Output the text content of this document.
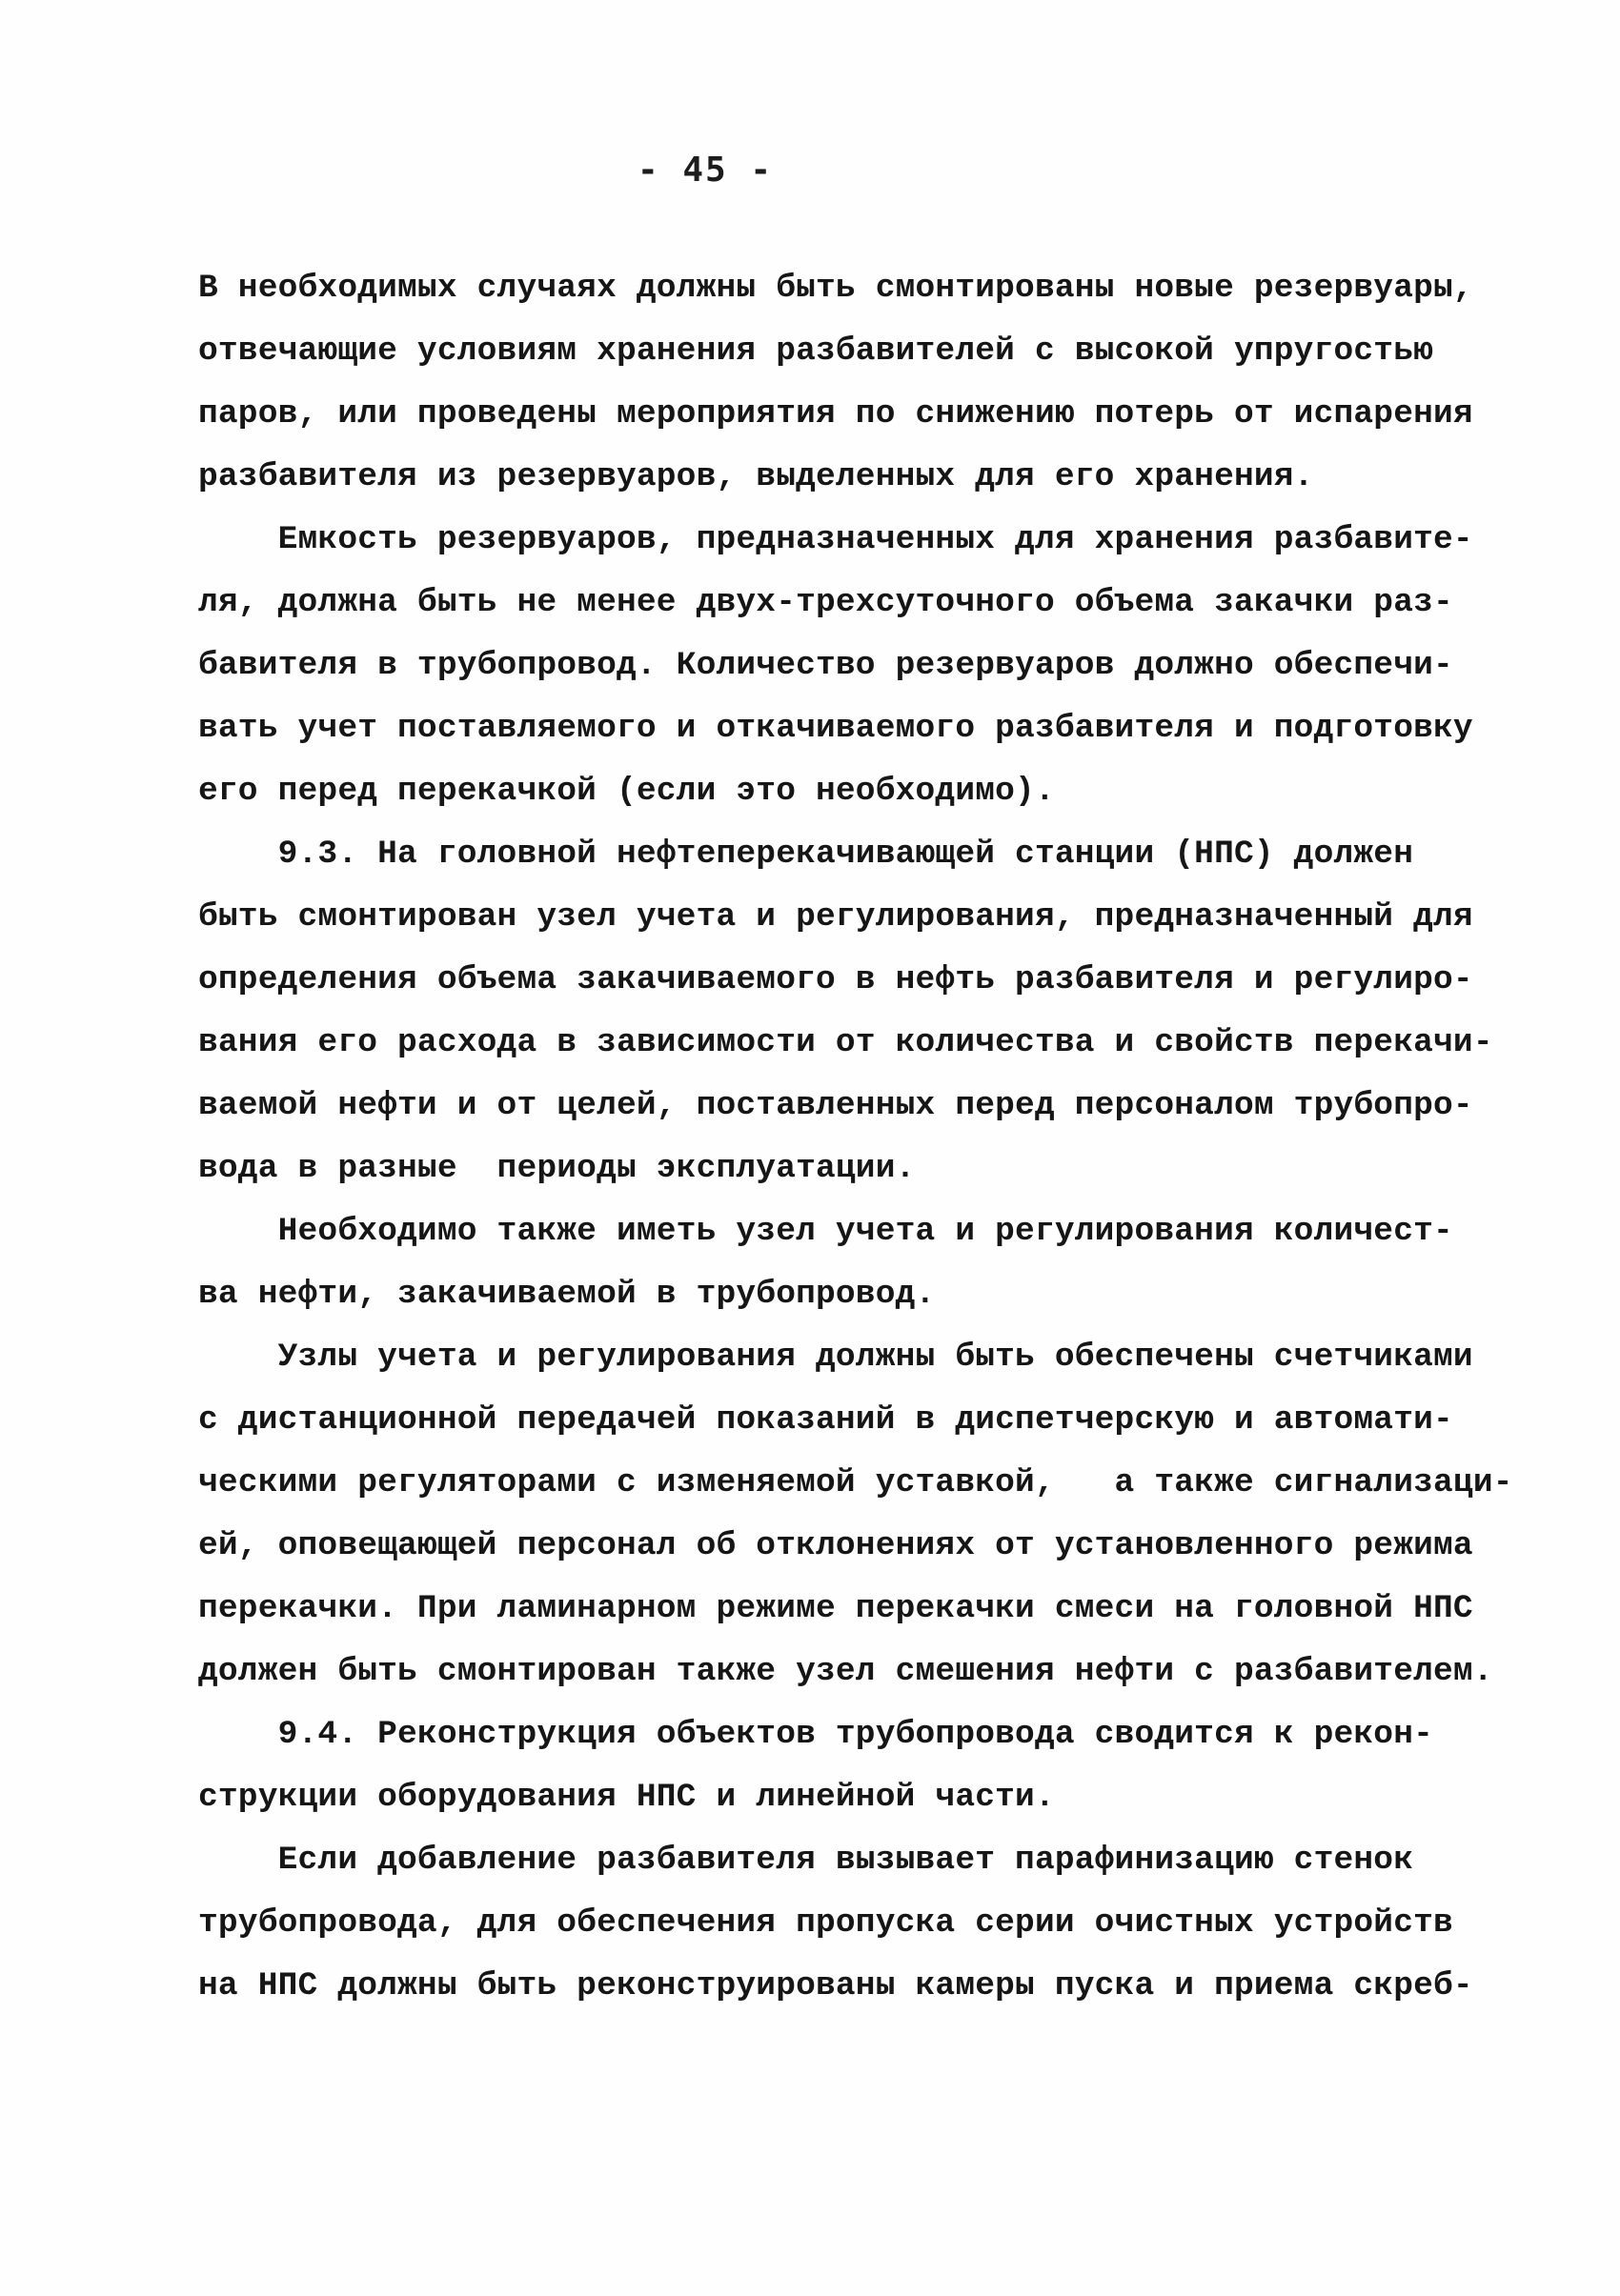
- 45 -
В необходимых случаях должны быть смонтированы новые резервуары,
отвечающие условиям хранения разбавителей с высокой упругостью
паров, или проведены мероприятия по снижению потерь от испарения
разбавителя из резервуаров, выделенных для его хранения.
Емкость резервуаров, предназначенных для хранения разбавите-
ля, должна быть не менее двух-трехсуточного объема закачки раз-
бавителя в трубопровод. Количество резервуаров должно обеспечи-
вать учет поставляемого и откачиваемого разбавителя и подготовку
его перед перекачкой (если это необходимо).
9.3. На головной нефтеперекачивающей станции (НПС) должен
быть смонтирован узел учета и регулирования, предназначенный для
определения объема закачиваемого в нефть разбавителя и регулиро-
вания его расхода в зависимости от количества и свойств перекачи-
ваемой нефти и от целей, поставленных перед персоналом трубопро-
вода в разные  периоды эксплуатации.
Необходимо также иметь узел учета и регулирования количест-
ва нефти, закачиваемой в трубопровод.
Узлы учета и регулирования должны быть обеспечены счетчиками
с дистанционной передачей показаний в диспетчерскую и автомати-
ческими регуляторами с изменяемой уставкой,   а также сигнализаци-
ей, оповещающей персонал об отклонениях от установленного режима
перекачки. При ламинарном режиме перекачки смеси на головной НПС
должен быть смонтирован также узел смешения нефти с разбавителем.
9.4. Реконструкция объектов трубопровода сводится к рекон-
струкции оборудования НПС и линейной части.
Если добавление разбавителя вызывает парафинизацию стенок
трубопровода, для обеспечения пропуска серии очистных устройств
на НПС должны быть реконструированы камеры пуска и приема скреб-
